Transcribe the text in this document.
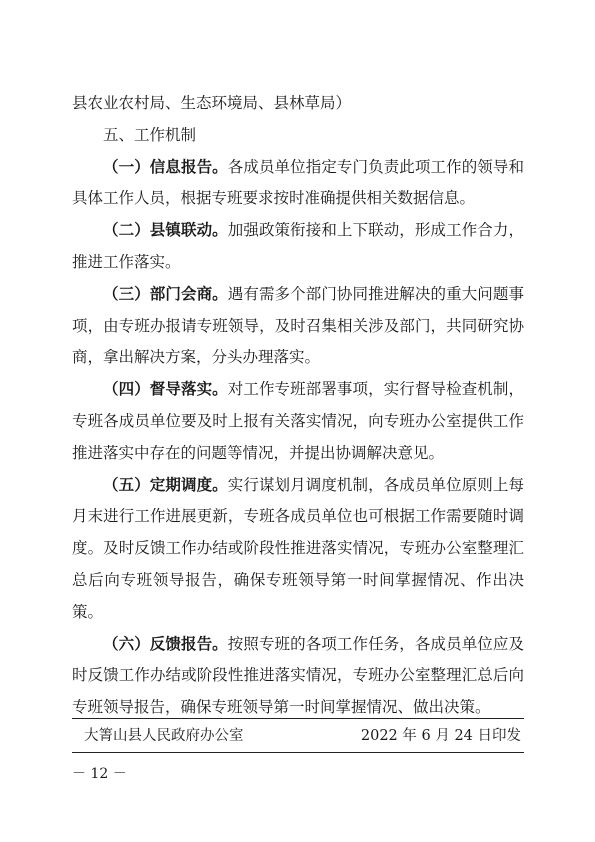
县农业农村局、生态环境局、县林草局）

五、工作机制

（一）信息报告。各成员单位指定专门负责此项工作的领导和具体工作人员，根据专班要求按时准确提供相关数据信息。

（二）县镇联动。加强政策衔接和上下联动，形成工作合力，推进工作落实。

（三）部门会商。遇有需多个部门协同推进解决的重大问题事项，由专班办报请专班领导，及时召集相关涉及部门，共同研究协商，拿出解决方案，分头办理落实。

（四）督导落实。对工作专班部署事项，实行督导检查机制，专班各成员单位要及时上报有关落实情况，向专班办公室提供工作推进落实中存在的问题等情况，并提出协调解决意见。

（五）定期调度。实行谋划月调度机制，各成员单位原则上每月末进行工作进展更新，专班各成员单位也可根据工作需要随时调度。及时反馈工作办结或阶段性推进落实情况，专班办公室整理汇总后向专班领导报告，确保专班领导第一时间掌握情况、作出决策。

（六）反馈报告。按照专班的各项工作任务，各成员单位应及时反馈工作办结或阶段性推进落实情况，专班办公室整理汇总后向专班领导报告，确保专班领导第一时间掌握情况、做出决策。

大箐山县人民政府办公室	2022 年 6 月 24 日印发
－ 12 －
